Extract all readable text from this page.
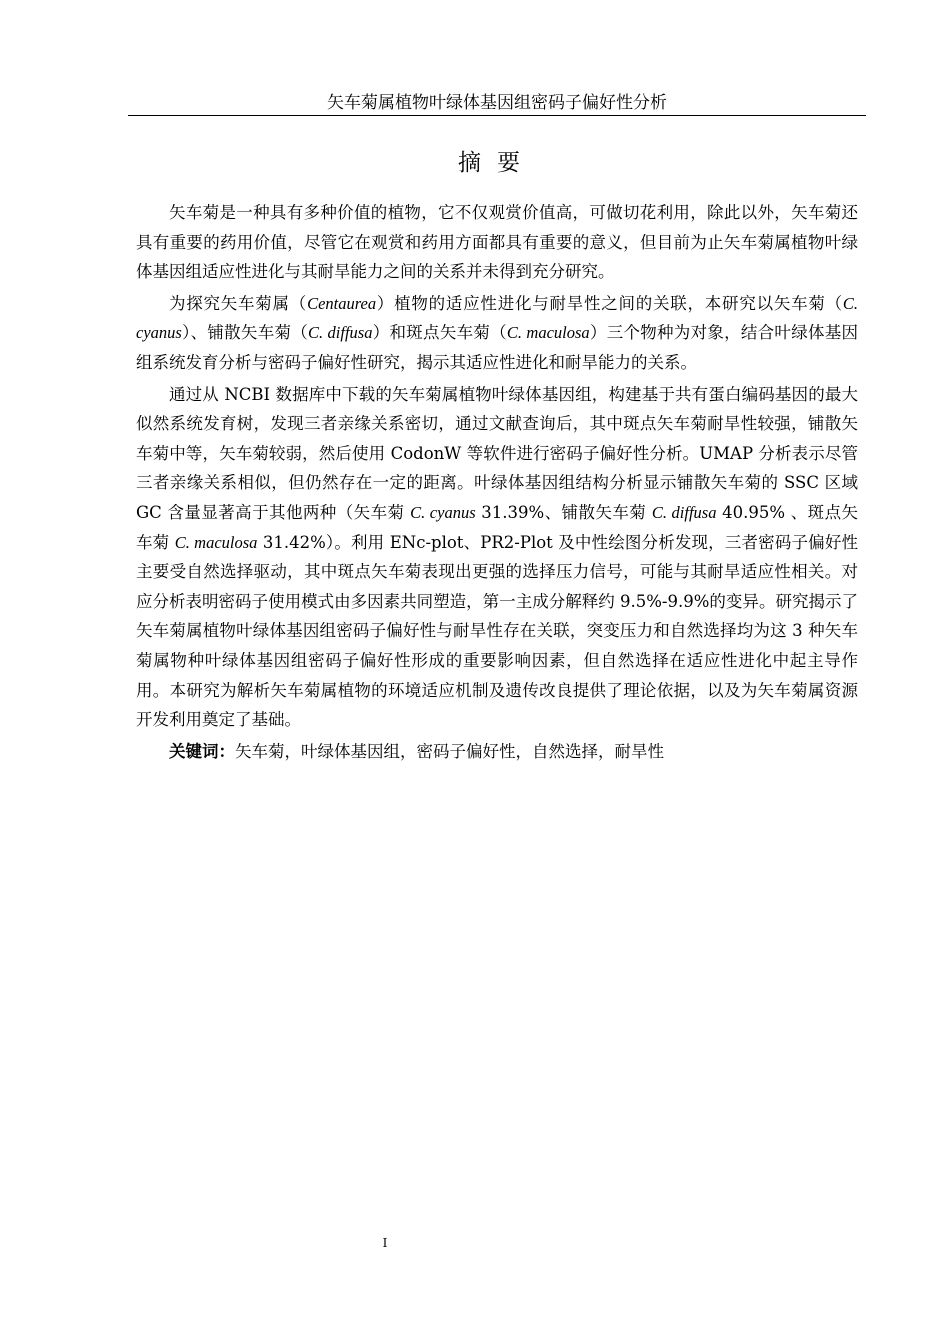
矢车菊属植物叶绿体基因组密码子偏好性分析
摘要

矢车菊是一种具有多种价值的植物，它不仅观赏价值高，可做切花利用，除此以外，矢车菊还具有重要的药用价值，尽管它在观赏和药用方面都具有重要的意义，但目前为止矢车菊属植物叶绿体基因组适应性进化与其耐旱能力之间的关系并未得到充分研究。

为探究矢车菊属（Centaurea）植物的适应性进化与耐旱性之间的关联，本研究以矢车菊（C. cyanus）、铺散矢车菊（C. diffusa）和斑点矢车菊（C. maculosa）三个物种为对象，结合叶绿体基因组系统发育分析与密码子偏好性研究，揭示其适应性进化和耐旱能力的关系。

通过从 NCBI 数据库中下载的矢车菊属植物叶绿体基因组，构建基于共有蛋白编码基因的最大似然系统发育树，发现三者亲缘关系密切，通过文献查询后，其中斑点矢车菊耐旱性较强，铺散矢车菊中等，矢车菊较弱，然后使用 CodonW 等软件进行密码子偏好性分析。UMAP 分析表示尽管三者亲缘关系相似，但仍然存在一定的距离。叶绿体基因组结构分析显示铺散矢车菊的 SSC 区域 GC 含量显著高于其他两种（矢车菊 C. cyanus 31.39%、铺散矢车菊 C. diffusa 40.95% 、斑点矢车菊 C. maculosa 31.42%）。利用 ENc-plot、PR2-Plot 及中性绘图分析发现，三者密码子偏好性主要受自然选择驱动，其中斑点矢车菊表现出更强的选择压力信号，可能与其耐旱适应性相关。对应分析表明密码子使用模式由多因素共同塑造，第一主成分解释约 9.5%-9.9%的变异。研究揭示了矢车菊属植物叶绿体基因组密码子偏好性与耐旱性存在关联，突变压力和自然选择均为这 3 种矢车菊属物种叶绿体基因组密码子偏好性形成的重要影响因素，但自然选择在适应性进化中起主导作用。本研究为解析矢车菊属植物的环境适应机制及遗传改良提供了理论依据，以及为矢车菊属资源开发利用奠定了基础。

关键词：矢车菊，叶绿体基因组，密码子偏好性，自然选择，耐旱性

I
